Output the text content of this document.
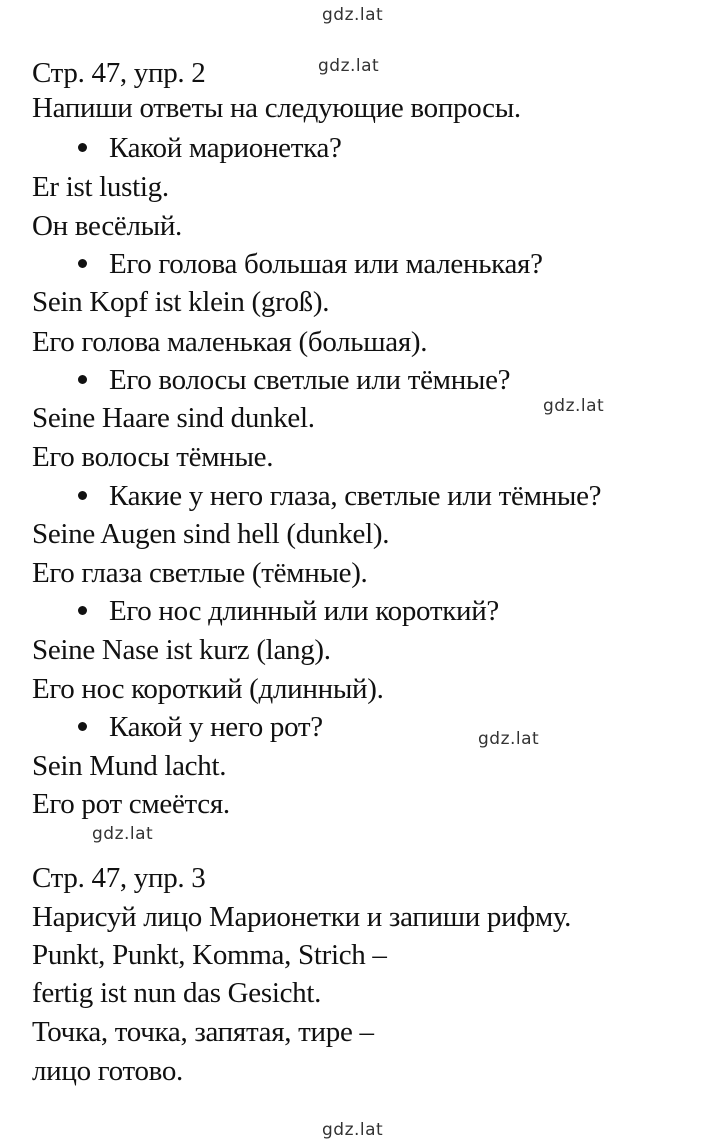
gdz.lat
gdz.lat
gdz.lat
gdz.lat
gdz.lat
gdz.lat
Стр. 47, упр. 2
Напиши ответы на следующие вопросы.
Какой марионетка?
Er ist lustig.
Он весёлый.
Его голова большая или маленькая?
Sein Kopf ist klein (groß).
Его голова маленькая (большая).
Его волосы светлые или тёмные?
Seine Haare sind dunkel.
Его волосы тёмные.
Какие у него глаза, светлые или тёмные?
Seine Augen sind hell (dunkel).
Его глаза светлые (тёмные).
Его нос длинный или короткий?
Seine Nase ist kurz (lang).
Его нос короткий (длинный).
Какой у него рот?
Sein Mund lacht.
Его рот смеётся.
Стр. 47, упр. 3
Нарисуй лицо Марионетки и запиши рифму.
Punkt, Punkt, Komma, Strich –
fertig ist nun das Gesicht.
Точка, точка, запятая, тире –
лицо готово.
